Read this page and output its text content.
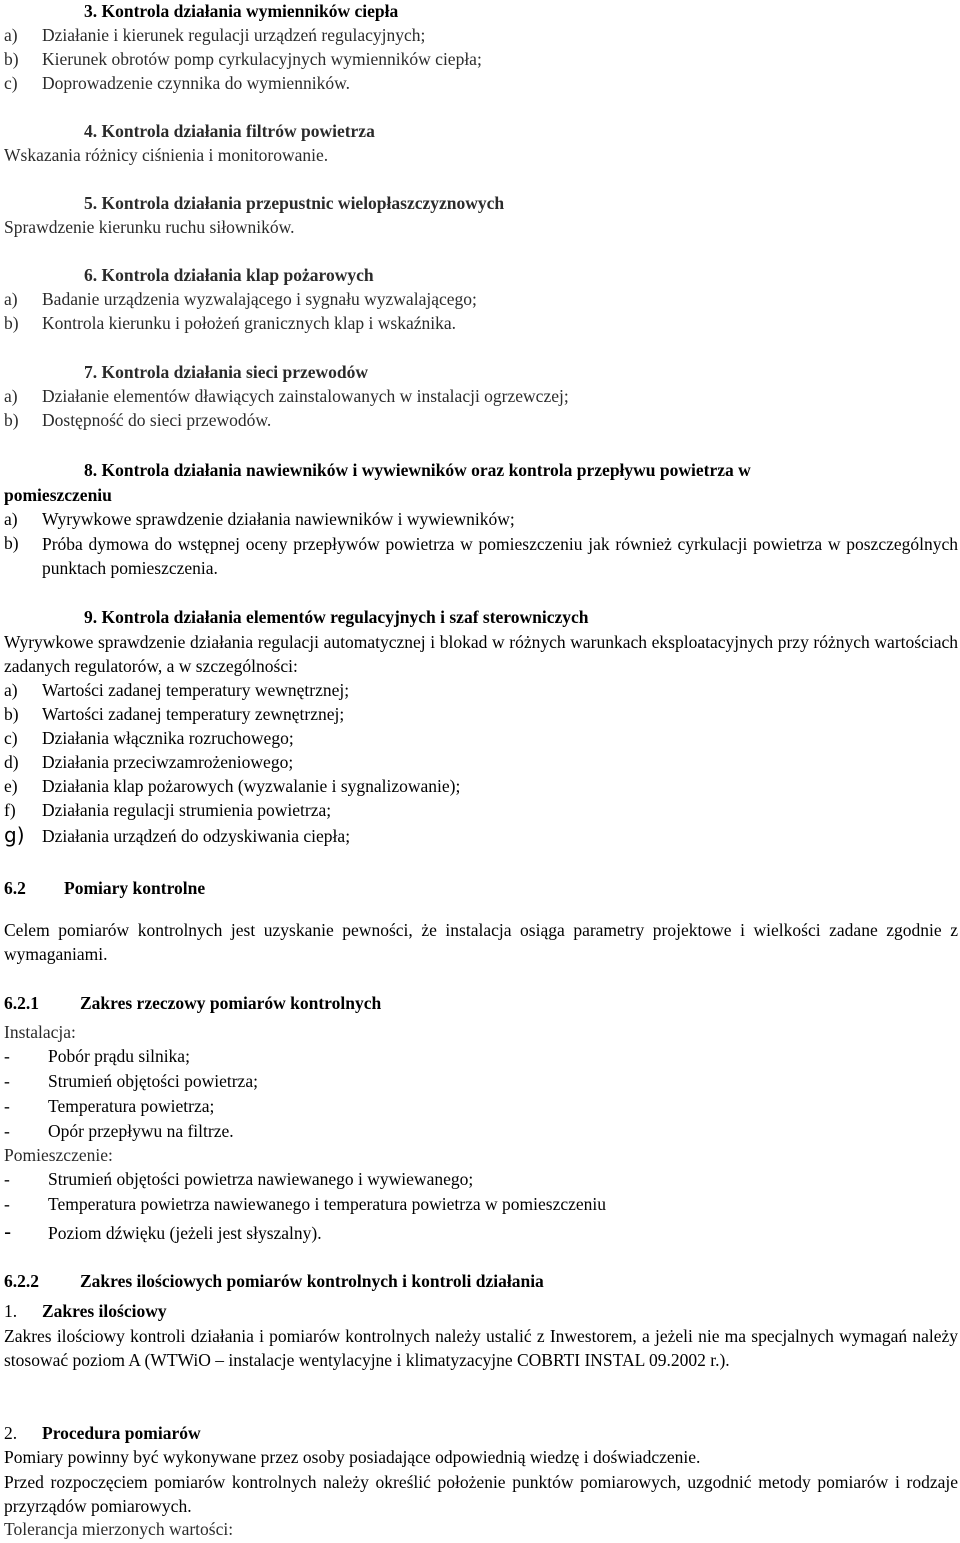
3. Kontrola działania wymienników ciepła
a) Działanie i kierunek regulacji urządzeń regulacyjnych;
b) Kierunek obrotów pomp cyrkulacyjnych wymienników ciepła;
c) Doprowadzenie czynnika do wymienników.
4. Kontrola działania filtrów powietrza
Wskazania różnicy ciśnienia i monitorowanie.
5. Kontrola działania przepustnic wielopłaszczyznowych
Sprawdzenie kierunku ruchu siłowników.
6. Kontrola działania klap pożarowych
a) Badanie urządzenia wyzwalającego i sygnału wyzwalającego;
b) Kontrola kierunku i położeń granicznych klap i wskaźnika.
7. Kontrola działania sieci przewodów
a) Działanie elementów dławiących zainstalowanych w instalacji ogrzewczej;
b) Dostępność do sieci przewodów.
8. Kontrola działania nawiewników i wywiewników oraz kontrola przepływu powietrza w
pomieszczeniu
a) Wyrywkowe sprawdzenie działania nawiewników i wywiewników;
b)	Próba dymowa do wstępnej oceny przepływów powietrza w pomieszczeniu jak również cyrkulacji powietrza w poszczególnych punktach pomieszczenia.
9. Kontrola działania elementów regulacyjnych i szaf sterowniczych
Wyrywkowe sprawdzenie działania regulacji automatycznej i blokad w różnych warunkach eksploatacyjnych przy różnych wartościach zadanych regulatorów, a w szczególności:
a) Wartości zadanej temperatury wewnętrznej;
b) Wartości zadanej temperatury zewnętrznej;
c) Działania włącznika rozruchowego;
d) Działania przeciwzamrożeniowego;
e) Działania klap pożarowych (wyzwalanie i sygnalizowanie);
f) Działania regulacji strumienia powietrza;
g) Działania urządzeń do odzyskiwania ciepła;
6.2 Pomiary kontrolne
Celem pomiarów kontrolnych jest uzyskanie pewności, że instalacja osiąga parametry projektowe i wielkości zadane zgodnie z wymaganiami.
6.2.1 Zakres rzeczowy pomiarów kontrolnych
Instalacja:
- Pobór prądu silnika;
- Strumień objętości powietrza;
- Temperatura powietrza;
- Opór przepływu na filtrze.
Pomieszczenie:
- Strumień objętości powietrza nawiewanego i wywiewanego;
- Temperatura powietrza nawiewanego i temperatura powietrza w pomieszczeniu
- Poziom dźwięku (jeżeli jest słyszalny).
6.2.2 Zakres ilościowych pomiarów kontrolnych i kontroli działania
1. Zakres ilościowy
Zakres ilościowy kontroli działania i pomiarów kontrolnych należy ustalić z Inwestorem, a jeżeli nie ma specjalnych wymagań należy stosować poziom A (WTWiO – instalacje wentylacyjne i klimatyzacyjne COBRTI INSTAL 09.2002 r.).
2. Procedura pomiarów
Pomiary powinny być wykonywane przez osoby posiadające odpowiednią wiedzę i doświadczenie.
Przed rozpoczęciem pomiarów kontrolnych należy określić położenie punktów pomiarowych, uzgodnić metody pomiarów i rodzaje przyrządów pomiarowych.
Tolerancja mierzonych wartości:
